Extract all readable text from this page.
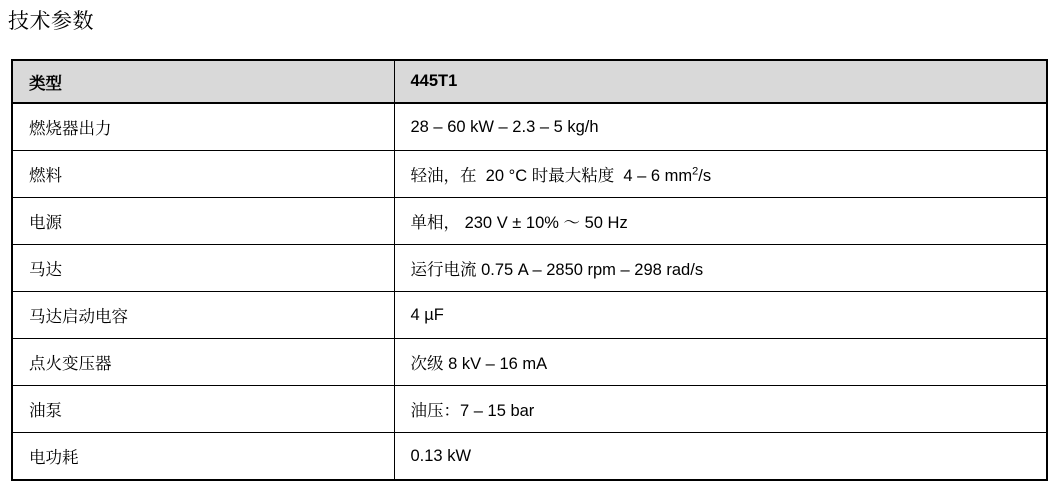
技术参数
类型	445T1
燃烧器出力	28 – 60 kW – 2.3 – 5 kg/h
燃料	轻油，在  20 °C 时最大粘度  4 – 6 $mm^2/s$

电源	单相， 230 V ± 10% ～ 50 Hz
马达	运行电流 0.75 A – 2850 rpm – 298 rad/s
马达启动电容	4 µF
点火变压器	次级 8 kV – 16 mA
油泵	油压：7 – 15 bar
电功耗	0.13 kW
